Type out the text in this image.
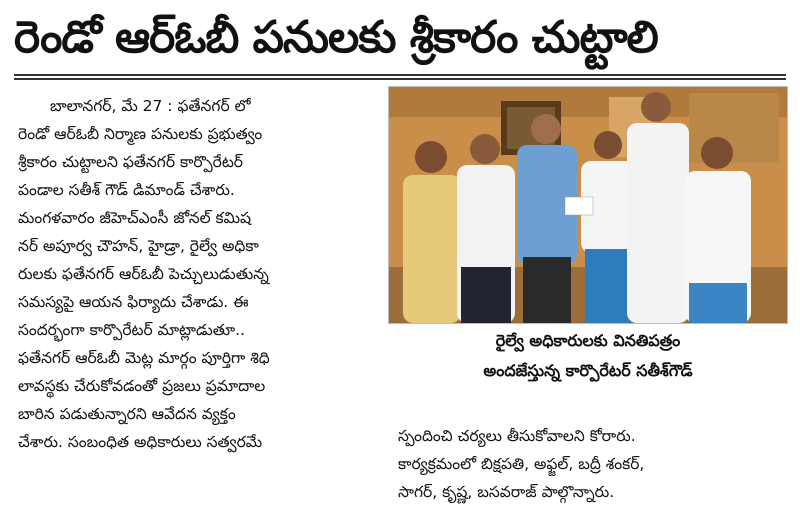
రెండో ఆర్ఓబీ పనులకు శ్రీకారం చుట్టాలి
బాలానగర్, మే 27 : ఫతేనగర్ లో
రెండో ఆర్ఓబీ నిర్మాణ పనులకు ప్రభుత్వం
శ్రీకారం చుట్టాలని ఫతేనగర్ కార్పొరేటర్
పండాల సతీశ్ గౌడ్ డిమాండ్ చేశారు.
మంగళవారం జీహెచ్ఎంసీ జోనల్ కమిష
నర్ అపూర్వ చౌహన్, హైడ్రా, రైల్వే అధికా
రులకు ఫతేనగర్ ఆర్ఓబీ పెచ్చులుడుతున్న
సమస్యపై ఆయన ఫిర్యాదు చేశాడు. ఈ
సందర్భంగా కార్పొరేటర్ మాట్లాడుతూ..
ఫతేనగర్ ఆర్ఓబీ మెట్ల మార్గం పూర్తిగా శిధి
లావస్థకు చేరుకోవడంతో ప్రజలు ప్రమాదాల
బారిన పడుతున్నారని ఆవేదన వ్యక్తం
చేశారు. సంబంధిత అధికారులు సత్వరమే
రైల్వే అధికారులకు వినతిపత్రం
అందజేస్తున్న కార్పొరేటర్ సతీశ్‌గౌడ్
స్పందించి చర్యలు తీసుకోవాలని కోరారు.
కార్యక్రమంలో బిక్షపతి, అఫ్జల్, బద్రీ శంకర్,
సాగర్, కృష్ణ, బసవరాజ్ పాల్గొన్నారు.
